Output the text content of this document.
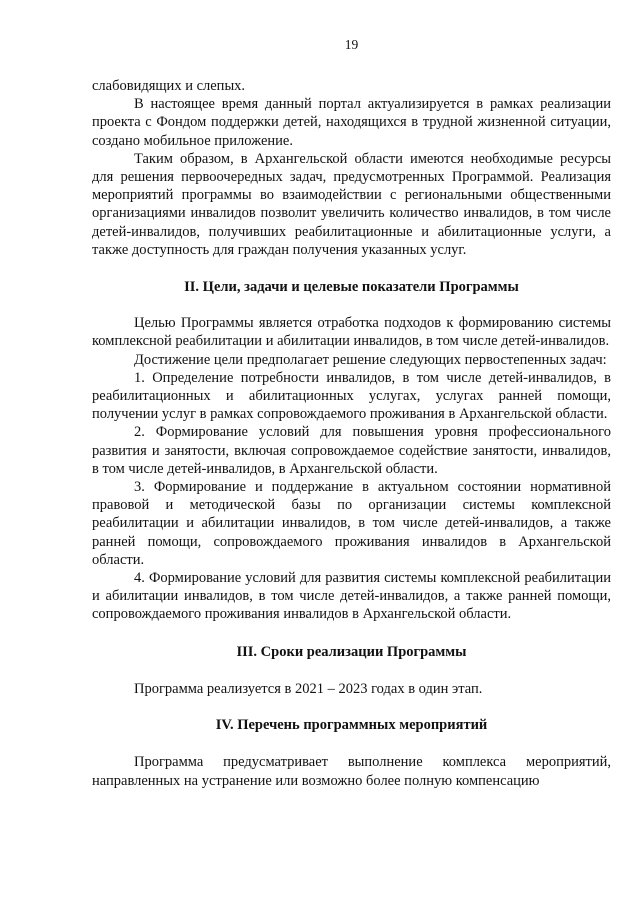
19

слабовидящих и слепых.

В настоящее время данный портал актуализируется в рамках реализации проекта с Фондом поддержки детей, находящихся в трудной жизненной ситуации, создано мобильное приложение.

Таким образом, в Архангельской области имеются необходимые ресурсы для решения первоочередных задач, предусмотренных Программой. Реализация мероприятий программы во взаимодействии с региональными общественными организациями инвалидов позволит увеличить количество инвалидов, в том числе детей-инвалидов, получивших реабилитационные и абилитационные услуги, а также доступность для граждан получения указанных услуг.

II. Цели, задачи и целевые показатели Программы

Целью Программы является отработка подходов к формированию системы комплексной реабилитации и абилитации инвалидов, в том числе детей-инвалидов.

Достижение цели предполагает решение следующих первостепенных задач:

1. Определение потребности инвалидов, в том числе детей-инвалидов, в реабилитационных и абилитационных услугах, услугах ранней помощи, получении услуг в рамках сопровождаемого проживания в Архангельской области.

2. Формирование условий для повышения уровня профессионального развития и занятости, включая сопровождаемое содействие занятости, инвалидов, в том числе детей-инвалидов, в Архангельской области.

3. Формирование и поддержание в актуальном состоянии нормативной правовой и методической базы по организации системы комплексной реабилитации и абилитации инвалидов, в том числе детей-инвалидов, а также ранней помощи, сопровождаемого проживания инвалидов в Архангельской области.

4. Формирование условий для развития системы комплексной реабилитации и абилитации инвалидов, в том числе детей-инвалидов, а также ранней помощи, сопровождаемого проживания инвалидов в Архангельской области.

III. Сроки реализации Программы

Программа реализуется в 2021 – 2023 годах в один этап.

IV. Перечень программных мероприятий

Программа предусматривает выполнение комплекса мероприятий, направленных на устранение или возможно более полную компенсацию
